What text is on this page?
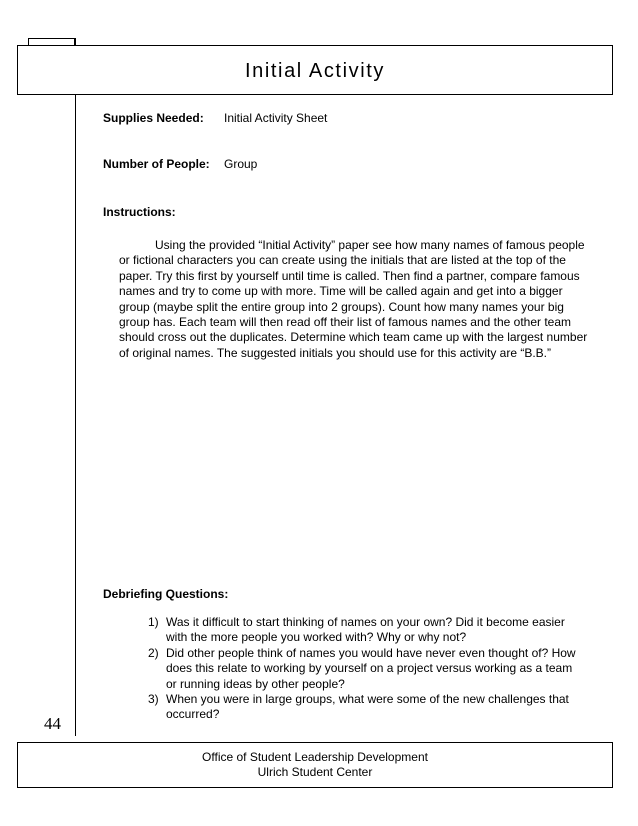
Initial Activity
Supplies Needed: Initial Activity Sheet
Number of People: Group
Instructions:

Using the provided “Initial Activity” paper see how many names of famous people or fictional characters you can create using the initials that are listed at the top of the paper. Try this first by yourself until time is called. Then find a partner, compare famous names and try to come up with more. Time will be called again and get into a bigger group (maybe split the entire group into 2 groups). Count how many names your big group has. Each team will then read off their list of famous names and the other team should cross out the duplicates. Determine which team came up with the largest number of original names. The suggested initials you should use for this activity are “B.B.”

Debriefing Questions:
1) Was it difficult to start thinking of names on your own? Did it become easier with the more people you worked with? Why or why not?
2) Did other people think of names you would have never even thought of? How does this relate to working by yourself on a project versus working as a team or running ideas by other people?
3) When you were in large groups, what were some of the new challenges that occurred?
44
Office of Student Leadership Development
Ulrich Student Center
